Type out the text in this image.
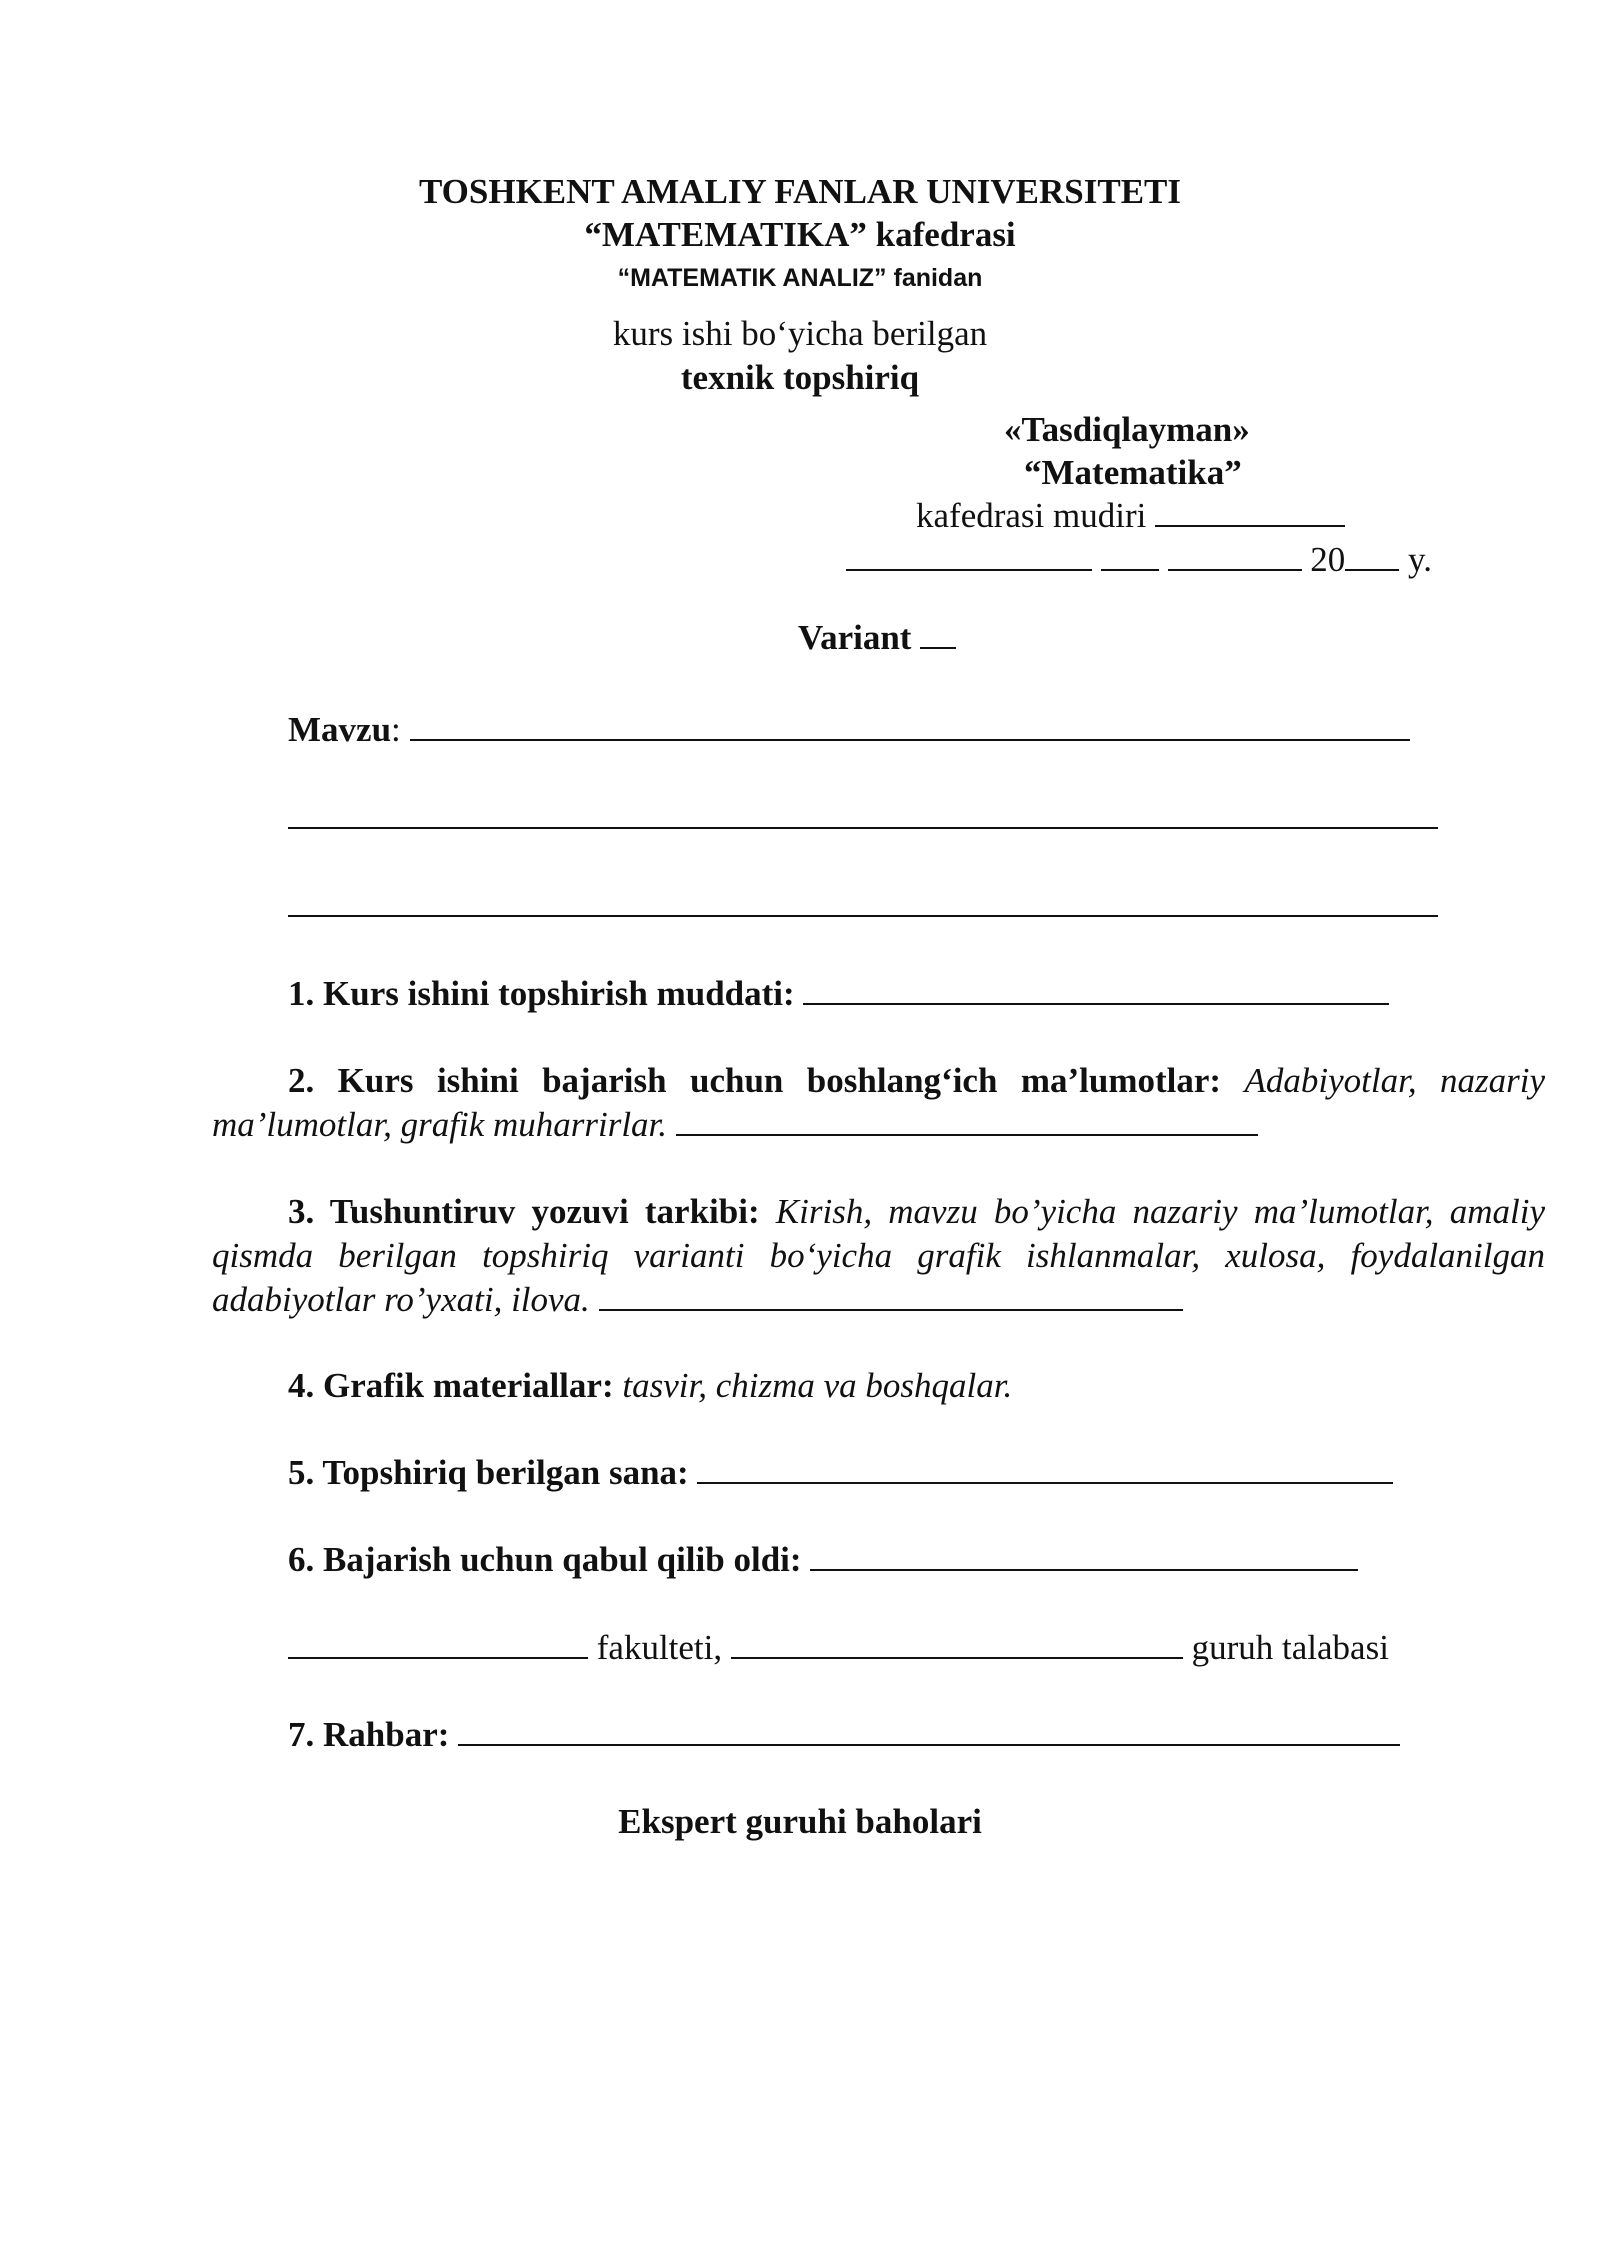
TOSHKENT AMALIY FANLAR UNIVERSITETI
“MATEMATIKA” kafedrasi
“MATEMATIK ANALIZ” fanidan
kurs ishi bo‘yicha berilgan
texnik topshiriq
«Tasdiqlayman»
“Matematika”
kafedrasi mudiri
20 y.
Variant
Mavzu:
1. Kurs ishini topshirish muddati:

2. Kurs ishini bajarish uchun boshlang‘ich ma’lumotlar: Adabiyotlar, nazariy ma’lumotlar, grafik muharrirlar.

3. Tushuntiruv yozuvi tarkibi: Kirish, mavzu bo’yicha nazariy ma’lumotlar, amaliy qismda berilgan topshiriq varianti bo‘yicha grafik ishlanmalar, xulosa, foydalanilgan adabiyotlar ro’yxati, ilova.

4. Grafik materiallar: tasvir, chizma va boshqalar.
5. Topshiriq berilgan sana:
6. Bajarish uchun qabul qilib oldi:
fakulteti,	guruh talabasi
7. Rahbar:
Ekspert guruhi baholari
